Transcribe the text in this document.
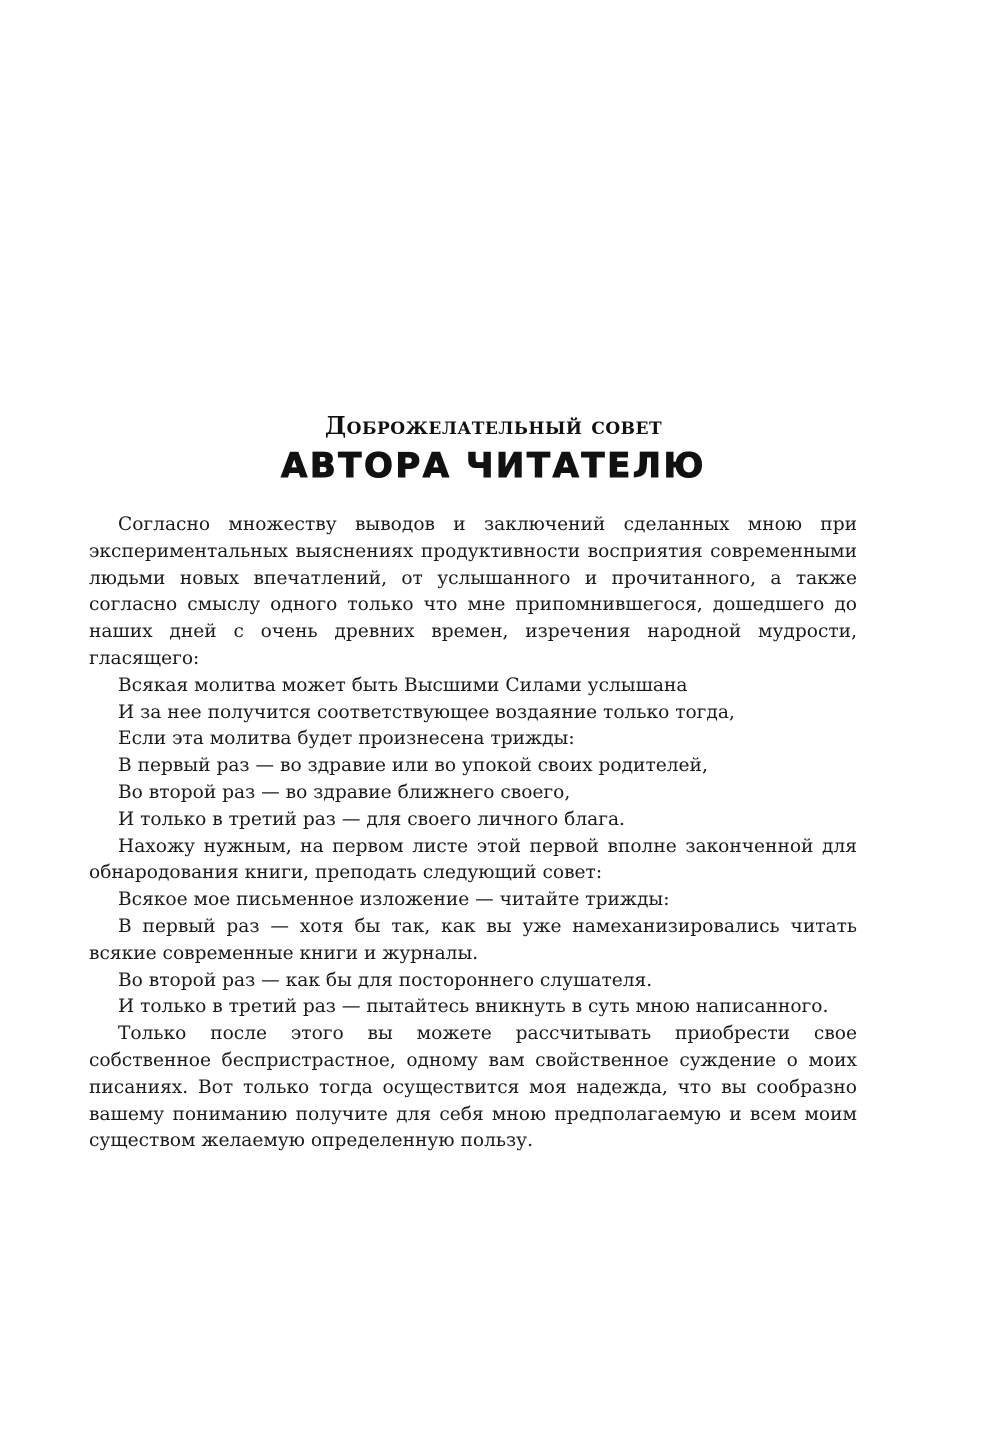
Доброжелательный совет
АВТОРА ЧИТАТЕЛЮ

Согласно множеству выводов и заключений сделанных мною при экспериментальных выяснениях продуктивности восприятия современными людьми новых впечатлений, от услышанного и прочитанного, а также согласно смыслу одного только что мне припомнившегося, дошедшего до наших дней с очень древних времен, изречения народной мудрости, гласящего:

Всякая молитва может быть Высшими Силами услышана

И за нее получится соответствующее воздаяние только тогда,

Если эта молитва будет произнесена трижды:

В первый раз — во здравие или во упокой своих родителей,

Во второй раз — во здравие ближнего своего,

И только в третий раз — для своего личного блага.

Нахожу нужным, на первом листе этой первой вполне законченной для обнародования книги, преподать следующий совет:

Всякое мое письменное изложение — читайте трижды:

В первый раз — хотя бы так, как вы уже намеханизировались читать всякие современные книги и журналы.

Во второй раз — как бы для постороннего слушателя.

И только в третий раз — пытайтесь вникнуть в суть мною написанного.

Только после этого вы можете рассчитывать приобрести свое собственное беспристрастное, одному вам свойственное суждение о моих писаниях. Вот только тогда осуществится моя надежда, что вы сообразно вашему пониманию получите для себя мною предполагаемую и всем моим существом желаемую определенную пользу.
